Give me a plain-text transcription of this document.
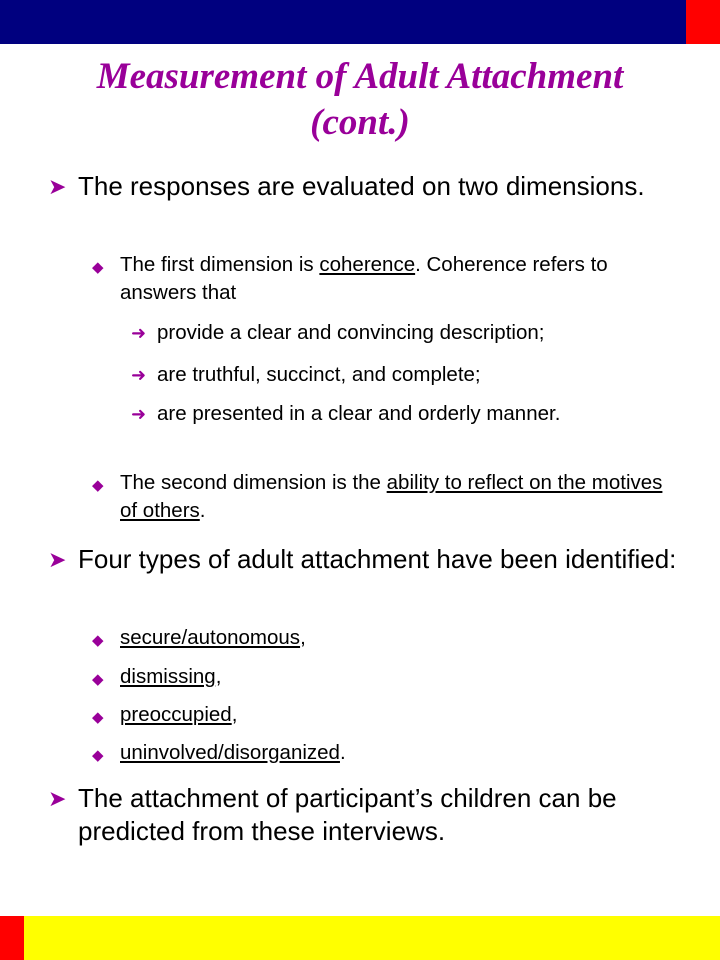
Measurement of Adult Attachment
(cont.)
➤ The responses are evaluated on two dimensions.
◆ The first dimension is coherence. Coherence refers to answers that
➜ provide a clear and convincing description;
➜ are truthful, succinct, and complete;
➜ are presented in a clear and orderly manner.
◆ The second dimension is the ability to reflect on the motives of others.
➤ Four types of adult attachment have been identified:
◆ secure/autonomous,
◆ dismissing,
◆ preoccupied,
◆ uninvolved/disorganized.
➤ The attachment of participant’s children can be predicted from these interviews.
